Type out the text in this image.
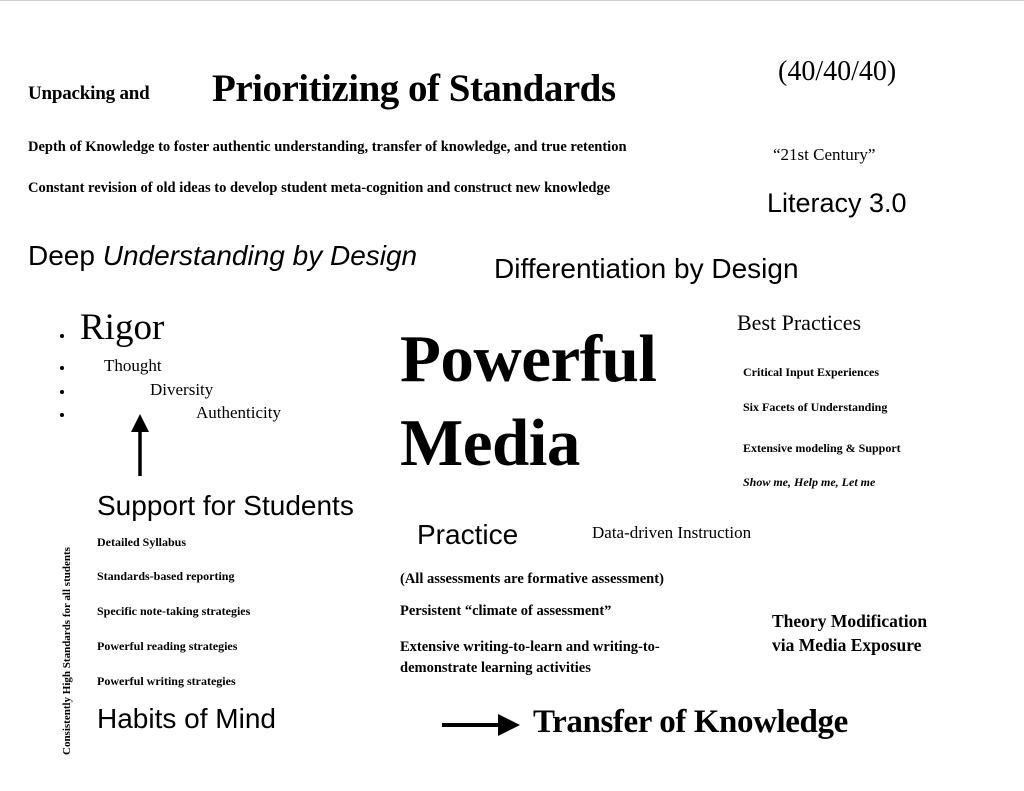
Unpacking and Prioritizing of Standards	(40/40/40)
Depth of Knowledge to foster authentic understanding, transfer of knowledge, and true retention
Constant revision of old ideas to develop student meta-cognition and construct new knowledge
“21st Century”
Literacy 3.0
Deep Understanding by Design	Differentiation by Design
Rigor
Thought
Diversity
Authenticity
Powerful
Media
Best Practices
Critical Input Experiences
Six Facets of Understanding
Extensive modeling & Support
Show me, Help me, Let me
Consistently High Standards for all students
Support for Students
Detailed Syllabus
Standards-based reporting
Specific note-taking strategies
Powerful reading strategies
Powerful writing strategies
Practice	Data-driven Instruction
(All assessments are formative assessment)
Persistent “climate of assessment”
Extensive writing-to-learn and writing-to-
demonstrate learning activities
Theory Modification
via Media Exposure
Habits of Mind	Transfer of Knowledge
